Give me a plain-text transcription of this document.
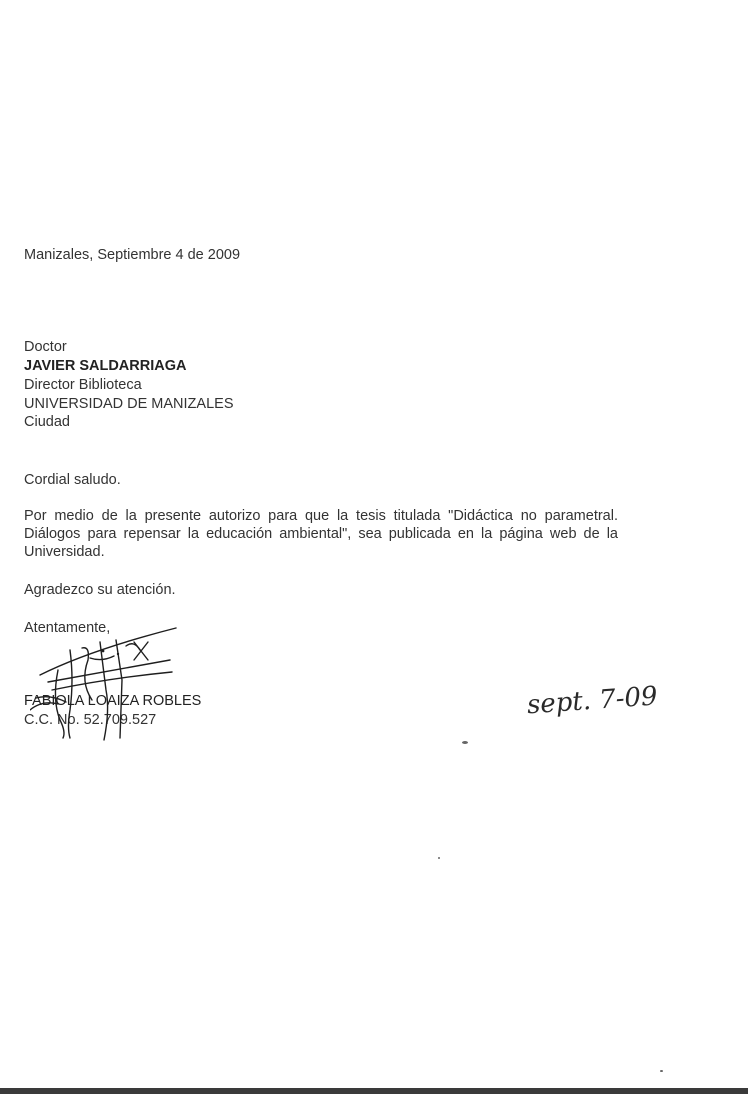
Manizales, Septiembre 4 de 2009
Doctor
JAVIER SALDARRIAGA
Director Biblioteca
UNIVERSIDAD DE MANIZALES
Ciudad
Cordial saludo.

Por medio de la presente autorizo para que la tesis titulada "Didáctica no parametral. Diálogos para repensar la educación ambiental", sea publicada en la página web de la Universidad.

Agradezco su atención.
Atentamente,
FABIOLA LOAIZA ROBLES
C.C. No. 52.709.527	sept. 7-09
